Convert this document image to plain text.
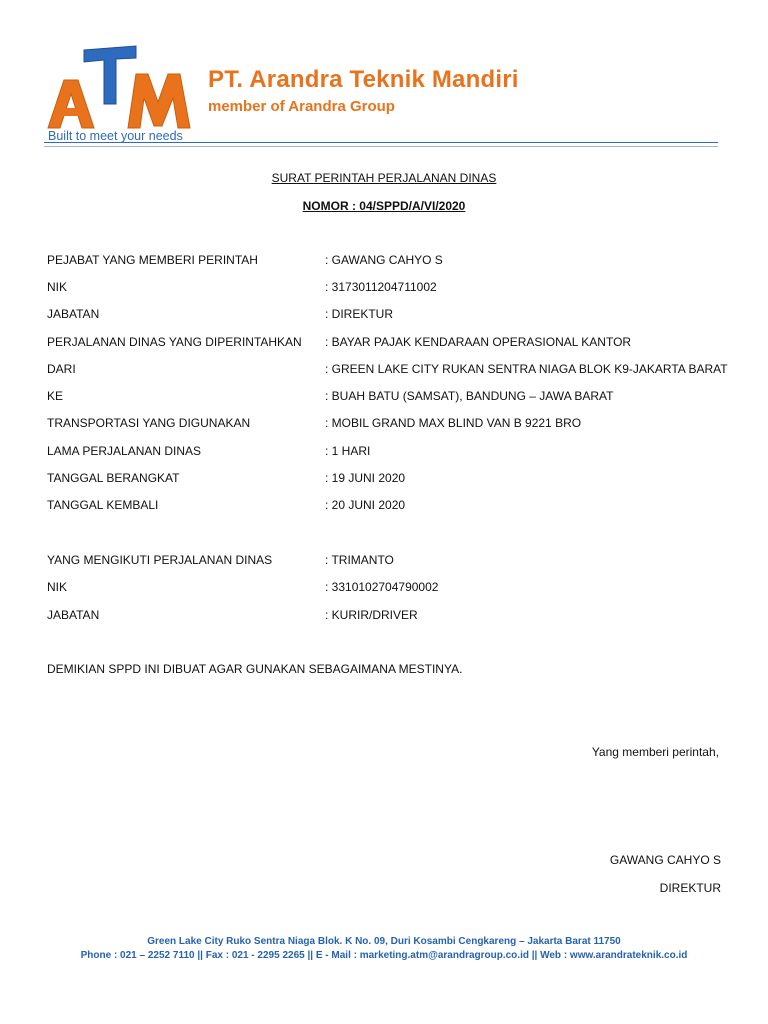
Built to meet your needs
PT. Arandra Teknik Mandiri
member of Arandra Group
SURAT PERINTAH PERJALANAN DINAS
NOMOR : 04/SPPD/A/VI/2020
PEJABAT YANG MEMBERI PERINTAH	: GAWANG CAHYO S
NIK	: 3173011204711002
JABATAN	: DIREKTUR
PERJALANAN DINAS YANG DIPERINTAHKAN : BAYAR PAJAK KENDARAAN OPERASIONAL KANTOR
DARI	: GREEN LAKE CITY RUKAN SENTRA NIAGA BLOK K9-JAKARTA BARAT
KE	: BUAH BATU (SAMSAT), BANDUNG – JAWA BARAT
TRANSPORTASI YANG DIGUNAKAN	: MOBIL GRAND MAX BLIND VAN B 9221 BRO
LAMA PERJALANAN DINAS	: 1 HARI
TANGGAL BERANGKAT	: 19 JUNI 2020
TANGGAL KEMBALI	: 20 JUNI 2020
YANG MENGIKUTI PERJALANAN DINAS	: TRIMANTO
NIK	: 3310102704790002
JABATAN	: KURIR/DRIVER
DEMIKIAN SPPD INI DIBUAT AGAR GUNAKAN SEBAGAIMANA MESTINYA.
Yang memberi perintah,
GAWANG CAHYO S
DIREKTUR
Green Lake City Ruko Sentra Niaga Blok. K No. 09, Duri Kosambi Cengkareng – Jakarta Barat 11750
Phone : 021 – 2252 7110 || Fax : 021 - 2295 2265 || E - Mail : marketing.atm@arandragroup.co.id || Web : www.arandrateknik.co.id
